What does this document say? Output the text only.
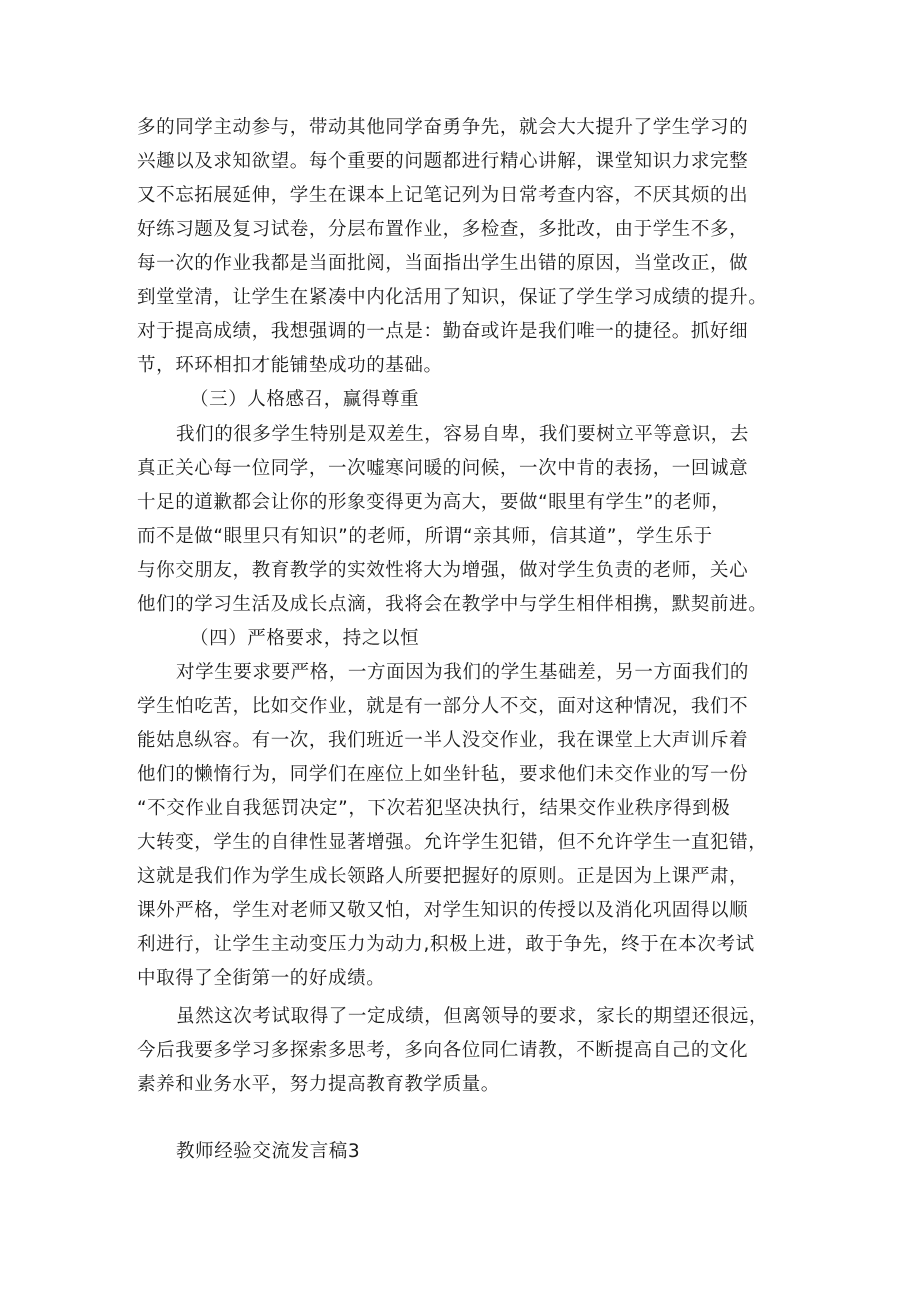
多的同学主动参与，带动其他同学奋勇争先，就会大大提升了学生学习的
兴趣以及求知欲望。每个重要的问题都进行精心讲解，课堂知识力求完整
又不忘拓展延伸，学生在课本上记笔记列为日常考查内容，不厌其烦的出
好练习题及复习试卷，分层布置作业，多检查，多批改，由于学生不多，
每一次的作业我都是当面批阅，当面指出学生出错的原因，当堂改正，做
到堂堂清，让学生在紧凑中内化活用了知识，保证了学生学习成绩的提升。
对于提高成绩，我想强调的一点是：勤奋或许是我们唯一的捷径。抓好细
节，环环相扣才能铺垫成功的基础。
（三）人格感召，赢得尊重
我们的很多学生特别是双差生，容易自卑，我们要树立平等意识，去
真正关心每一位同学，一次嘘寒问暖的问候，一次中肯的表扬，一回诚意
十足的道歉都会让你的形象变得更为高大，要做“眼里有学生”的老师，
而不是做“眼里只有知识”的老师，所谓“亲其师，信其道”，学生乐于
与你交朋友，教育教学的实效性将大为增强，做对学生负责的老师，关心
他们的学习生活及成长点滴，我将会在教学中与学生相伴相携，默契前进。
（四）严格要求，持之以恒
对学生要求要严格，一方面因为我们的学生基础差，另一方面我们的
学生怕吃苦，比如交作业，就是有一部分人不交，面对这种情况，我们不
能姑息纵容。有一次，我们班近一半人没交作业，我在课堂上大声训斥着
他们的懒惰行为，同学们在座位上如坐针毡，要求他们未交作业的写一份
“不交作业自我惩罚决定”，下次若犯坚决执行，结果交作业秩序得到极
大转变，学生的自律性显著增强。允许学生犯错，但不允许学生一直犯错，
这就是我们作为学生成长领路人所要把握好的原则。正是因为上课严肃，
课外严格，学生对老师又敬又怕，对学生知识的传授以及消化巩固得以顺
利进行，让学生主动变压力为动力,积极上进，敢于争先，终于在本次考试
中取得了全街第一的好成绩。
虽然这次考试取得了一定成绩，但离领导的要求，家长的期望还很远，
今后我要多学习多探索多思考，多向各位同仁请教，不断提高自己的文化
素养和业务水平，努力提高教育教学质量。
教师经验交流发言稿3
